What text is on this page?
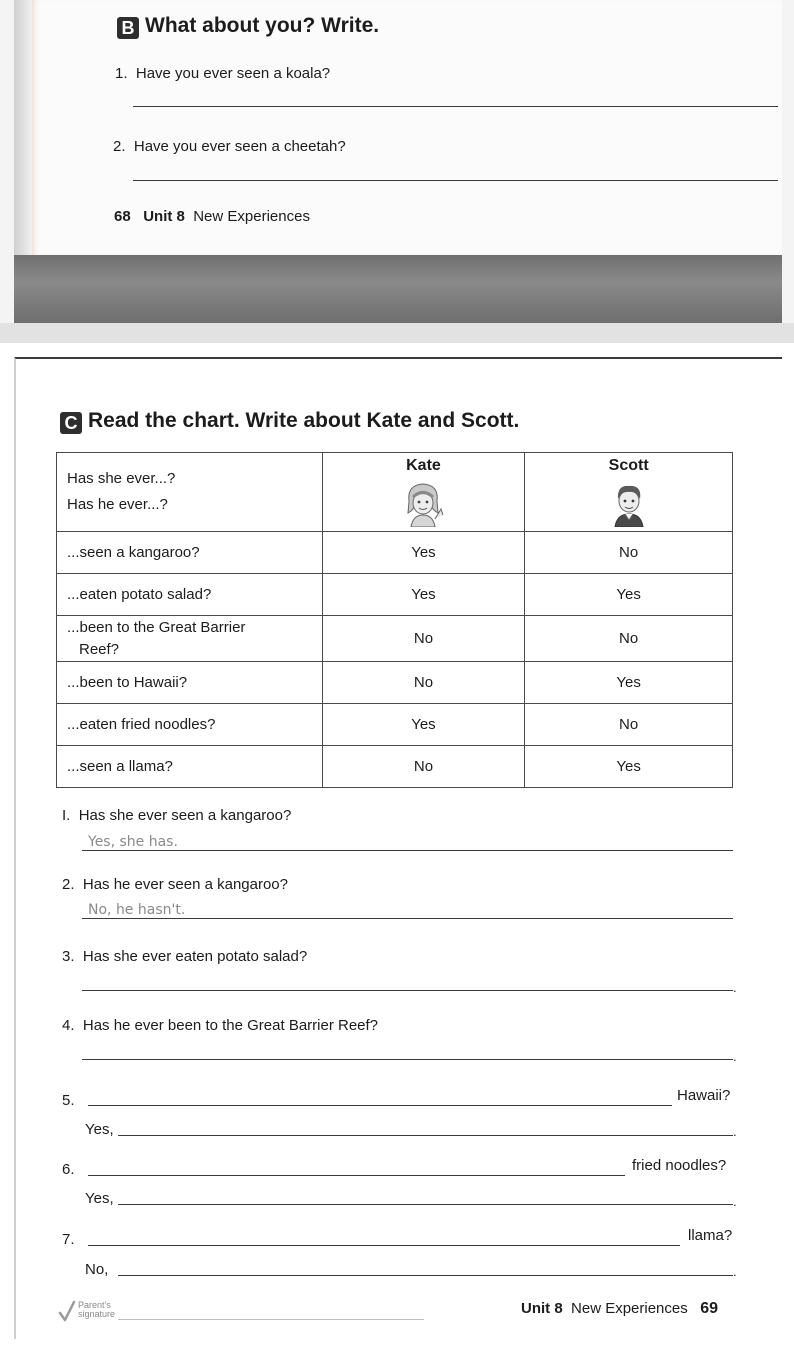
B What about you? Write.
1. Have you ever seen a koala?
2. Have you ever seen a cheetah?
68 Unit 8 New Experiences
C Read the chart. Write about Kate and Scott.
Has she ever...?
Has he ever...?	Kate	Scott

...seen a kangaroo?	Yes	No
...eaten potato salad?	Yes	Yes

...been to the Great Barrier
Reef?	No	No
...been to Hawaii?	No	Yes
...eaten fried noodles?	Yes	No
...seen a llama?	No	Yes
I. Has she ever seen a kangaroo?
Yes, she has.
2. Has he ever seen a kangaroo?
No, he hasn't.
3. Has she ever eaten potato salad?
.
4. Has he ever been to the Great Barrier Reef?
.
5.	Hawaii?
Yes,	.
6.	fried noodles?
Yes,	.
7.	llama?
No,	.
Parent's
signature	Unit 8 New Experiences 69
